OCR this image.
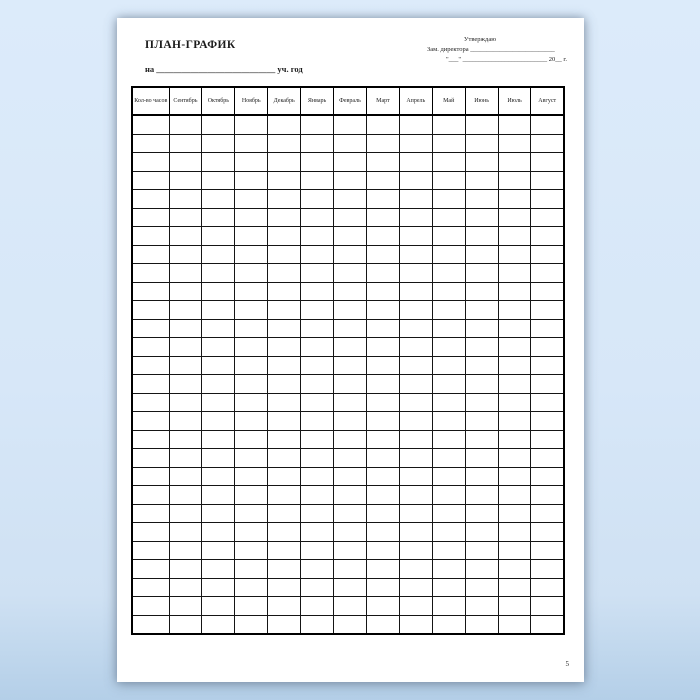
ПЛАН-ГРАФИК
на ____________________________ уч. год
Утверждаю
Зам. директора __________________________
"___" __________________________ 20__ г.
Кол-во часов	Сентябрь	Октябрь	Ноябрь	Декабрь	Январь	Февраль	Март	Апрель	Май	Июнь	Июль	Август

5
